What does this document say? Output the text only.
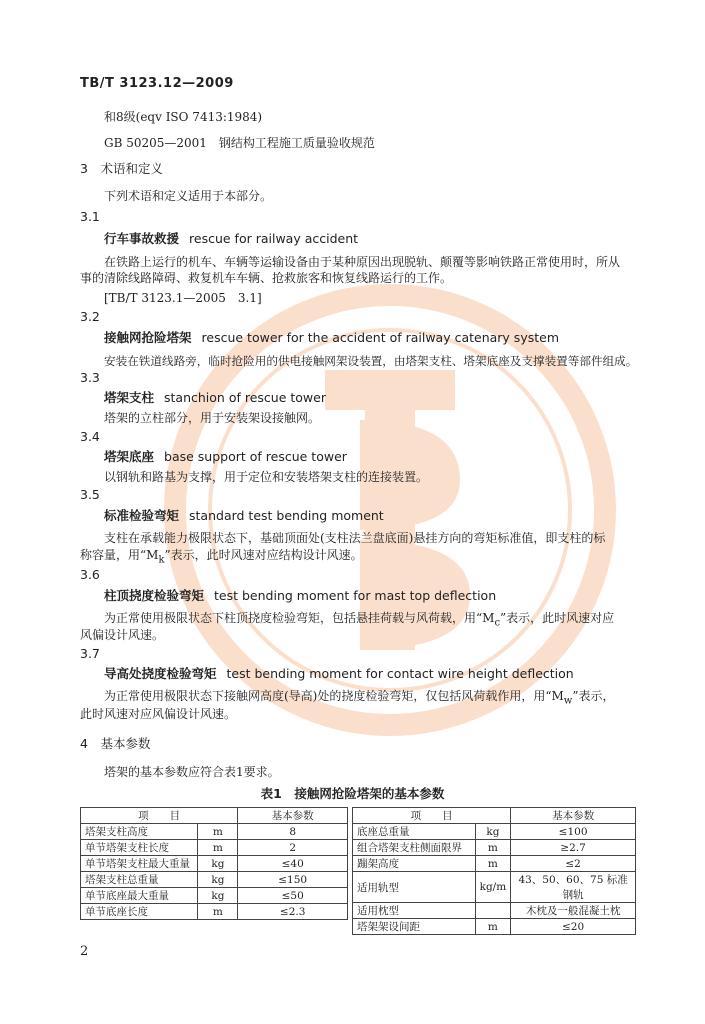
TB/T 3123.12—2009
和8级(eqv ISO 7413:1984)
GB 50205—2001　钢结构工程施工质量验收规范
3　术语和定义
下列术语和定义适用于本部分。
3.1
行车事故救援 rescue for railway accident
在铁路上运行的机车、车辆等运输设备由于某种原因出现脱轨、颠覆等影响铁路正常使用时，所从
事的清除线路障碍、救复机车车辆、抢救旅客和恢复线路运行的工作。
[TB/T 3123.1—2005　3.1]
3.2
接触网抢险塔架 rescue tower for the accident of railway catenary system
安装在铁道线路旁，临时抢险用的供电接触网架设装置，由塔架支柱、塔架底座及支撑装置等部件组成。
3.3
塔架支柱 stanchion of rescue tower
塔架的立柱部分，用于安装架设接触网。
3.4
塔架底座 base support of rescue tower
以钢轨和路基为支撑，用于定位和安装塔架支柱的连接装置。
3.5
标准检验弯矩 standard test bending moment
支柱在承载能力极限状态下，基础顶面处(支柱法兰盘底面)悬挂方向的弯矩标准值，即支柱的标
称容量，用“$M_k$”表示，此时风速对应结构设计风速。
3.6
柱顶挠度检验弯矩 test bending moment for mast top deflection
为正常使用极限状态下柱顶挠度检验弯矩，包括悬挂荷载与风荷载，用“$M_c$”表示，此时风速对应
风偏设计风速。
3.7
导高处挠度检验弯矩 test bending moment for contact wire height deflection
为正常使用极限状态下接触网高度(导高)处的挠度检验弯矩，仅包括风荷载作用，用“$M_w$”表示，
此时风速对应风偏设计风速。
4　基本参数
塔架的基本参数应符合表1要求。
表1　接触网抢险塔架的基本参数
项　　目		基本参数
塔架支柱高度	m	8
单节塔架支柱长度	m	2
单节塔架支柱最大重量	kg	≤40
塔架支柱总重量	kg	≤150
单节底座最大重量	kg	≤50
单节底座长度	m	≤2.3
项　　目		基本参数
底座总重量	kg	≤100
组合塔架支柱侧面限界	m	≥2.7
蹦架高度	m	≤2
适用轨型	kg/m	43、50、60、75 标准钢轨
适用枕型		木枕及一般混凝土枕
塔架架设间距	m	≤20
2
